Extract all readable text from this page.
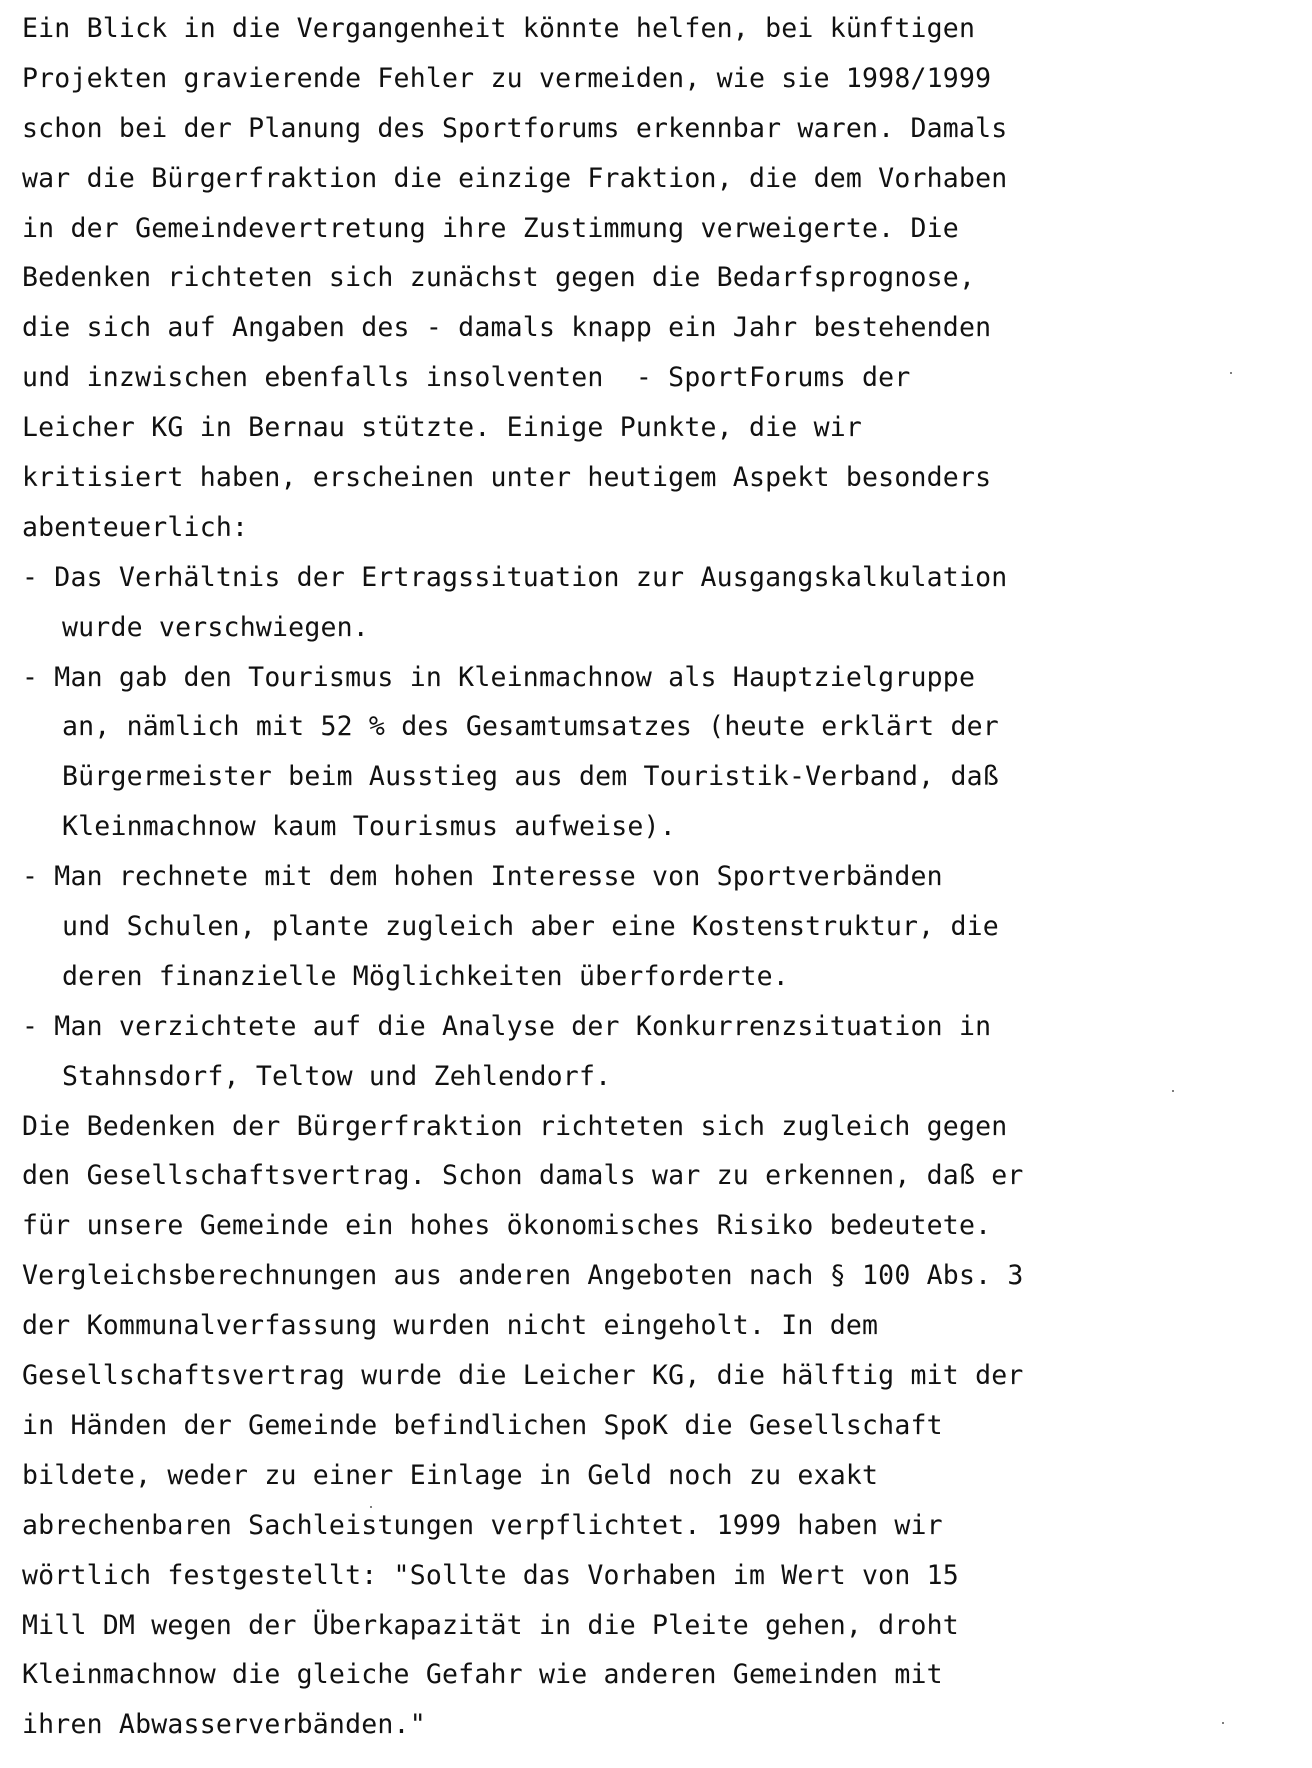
Ein Blick in die Vergangenheit könnte helfen, bei künftigen
Projekten gravierende Fehler zu vermeiden, wie sie 1998/1999
schon bei der Planung des Sportforums erkennbar waren. Damals
war die Bürgerfraktion die einzige Fraktion, die dem Vorhaben
in der Gemeindevertretung ihre Zustimmung verweigerte. Die
Bedenken richteten sich zunächst gegen die Bedarfsprognose,
die sich auf Angaben des - damals knapp ein Jahr bestehenden
und inzwischen ebenfalls insolventen  - SportForums der
Leicher KG in Bernau stützte. Einige Punkte, die wir
kritisiert haben, erscheinen unter heutigem Aspekt besonders
abenteuerlich:
- Das Verhältnis der Ertragssituation zur Ausgangskalkulation
wurde verschwiegen.
- Man gab den Tourismus in Kleinmachnow als Hauptzielgruppe
an, nämlich mit 52 % des Gesamtumsatzes (heute erklärt der
Bürgermeister beim Ausstieg aus dem Touristik-Verband, daß
Kleinmachnow kaum Tourismus aufweise).
- Man rechnete mit dem hohen Interesse von Sportverbänden
und Schulen, plante zugleich aber eine Kostenstruktur, die
deren finanzielle Möglichkeiten überforderte.
- Man verzichtete auf die Analyse der Konkurrenzsituation in
Stahnsdorf, Teltow und Zehlendorf.
Die Bedenken der Bürgerfraktion richteten sich zugleich gegen
den Gesellschaftsvertrag. Schon damals war zu erkennen, daß er
für unsere Gemeinde ein hohes ökonomisches Risiko bedeutete.
Vergleichsberechnungen aus anderen Angeboten nach § 100 Abs. 3
der Kommunalverfassung wurden nicht eingeholt. In dem
Gesellschaftsvertrag wurde die Leicher KG, die hälftig mit der
in Händen der Gemeinde befindlichen SpoK die Gesellschaft
bildete, weder zu einer Einlage in Geld noch zu exakt
abrechenbaren Sachleistungen verpflichtet. 1999 haben wir
wörtlich festgestellt: "Sollte das Vorhaben im Wert von 15
Mill DM wegen der Überkapazität in die Pleite gehen, droht
Kleinmachnow die gleiche Gefahr wie anderen Gemeinden mit
ihren Abwasserverbänden."
